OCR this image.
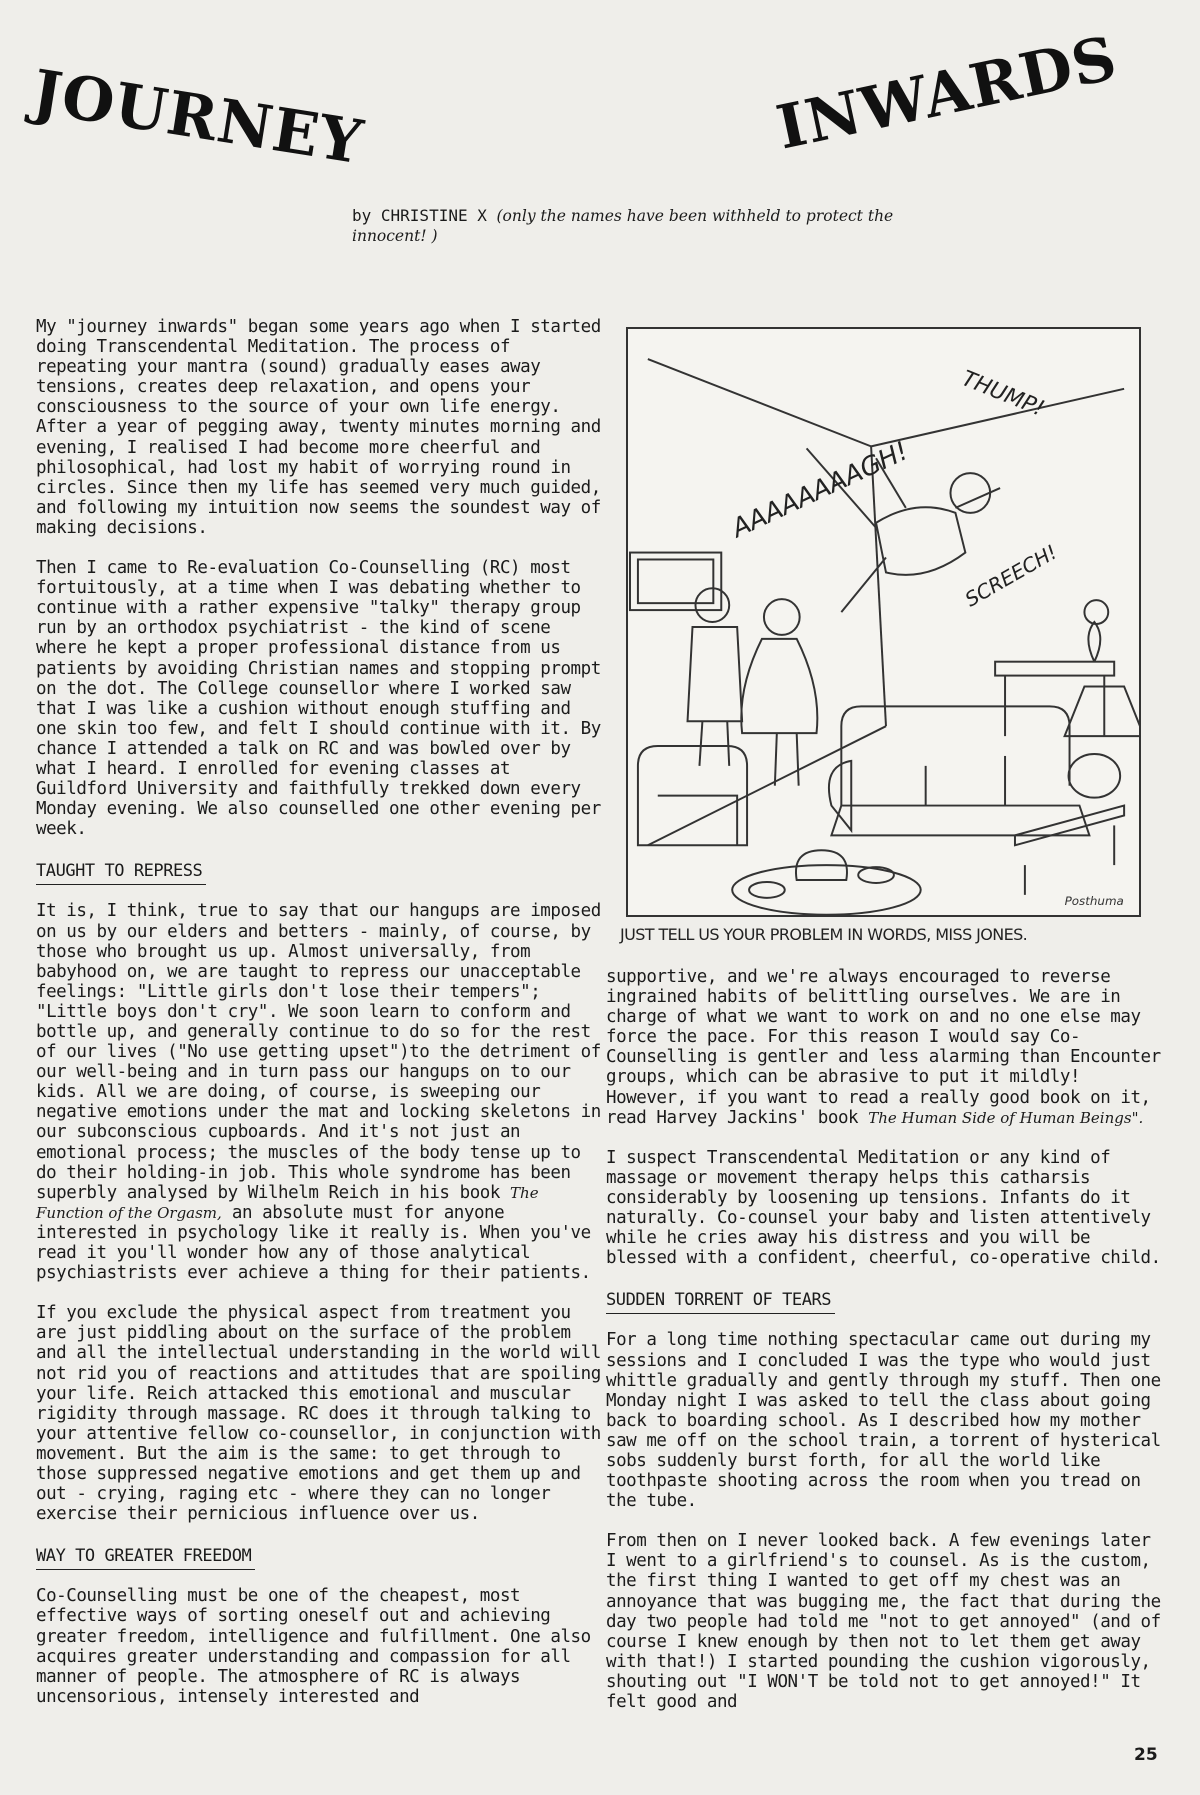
JOURNEY	INWARDS

by CHRISTINE X (only the names have been withheld to protect the innocent! )

My "journey inwards" began some years ago when I started doing Transcendental Meditation. The process of repeating your mantra (sound) gradually eases away tensions, creates deep relaxation, and opens your consciousness to the source of your own life energy. After a year of pegging away, twenty minutes morning and evening, I realised I had become more cheerful and philosophical, had lost my habit of worrying round in circles. Since then my life has seemed very much guided, and following my intuition now seems the soundest way of making decisions.

Then I came to Re-evaluation Co-Counselling (RC) most fortuitously, at a time when I was debating whether to continue with a rather expensive "talky" therapy group run by an orthodox psychiatrist - the kind of scene where he kept a proper professional distance from us patients by avoiding Christian names and stopping prompt on the dot. The College counsellor where I worked saw that I was like a cushion without enough stuffing and one skin too few, and felt I should continue with it. By chance I attended a talk on RC and was bowled over by what I heard. I enrolled for evening classes at Guildford University and faithfully trekked down every Monday evening. We also counselled one other evening per week.

TAUGHT TO REPRESS

It is, I think, true to say that our hangups are imposed on us by our elders and betters - mainly, of course, by those who brought us up. Almost universally, from babyhood on, we are taught to repress our unacceptable feelings: "Little girls don't lose their tempers"; "Little boys don't cry". We soon learn to conform and bottle up, and generally continue to do so for the rest of our lives ("No use getting upset")to the detriment of our well-being and in turn pass our hangups on to our kids. All we are doing, of course, is sweeping our negative emotions under the mat and locking skeletons in our subconscious cupboards. And it's not just an emotional process; the muscles of the body tense up to do their holding-in job. This whole syndrome has been superbly analysed by Wilhelm Reich in his book The Function of the Orgasm, an absolute must for anyone interested in psychology like it really is. When you've read it you'll wonder how any of those analytical psychiastrists ever achieve a thing for their patients.

If you exclude the physical aspect from treatment you are just piddling about on the surface of the problem and all the intellectual understanding in the world will not rid you of reactions and attitudes that are spoiling your life. Reich attacked this emotional and muscular rigidity through massage. RC does it through talking to your attentive fellow co-counsellor, in conjunction with movement. But the aim is the same: to get through to those suppressed negative emotions and get them up and out - crying, raging etc - where they can no longer exercise their pernicious influence over us.

WAY TO GREATER FREEDOM

Co-Counselling must be one of the cheapest, most effective ways of sorting oneself out and achieving greater freedom, intelligence and fulfillment. One also acquires greater understanding and compassion for all manner of people. The atmosphere of RC is always uncensorious, intensely interested and

AAAAAAAAGH!
THUMP!
SCREECH!
Posthuma

JUST TELL US YOUR PROBLEM IN WORDS, MISS JONES.

supportive, and we're always encouraged to reverse ingrained habits of belittling ourselves. We are in charge of what we want to work on and no one else may force the pace. For this reason I would say Co-Counselling is gentler and less alarming than Encounter groups, which can be abrasive to put it mildly! However, if you want to read a really good book on it, read Harvey Jackins' book The Human Side of Human Beings".

I suspect Transcendental Meditation or any kind of massage or movement therapy helps this catharsis considerably by loosening up tensions. Infants do it naturally. Co-counsel your baby and listen attentively while he cries away his distress and you will be blessed with a confident, cheerful, co-operative child.

SUDDEN TORRENT OF TEARS

For a long time nothing spectacular came out during my sessions and I concluded I was the type who would just whittle gradually and gently through my stuff. Then one Monday night I was asked to tell the class about going back to boarding school. As I described how my mother saw me off on the school train, a torrent of hysterical sobs suddenly burst forth, for all the world like toothpaste shooting across the room when you tread on the tube.

From then on I never looked back. A few evenings later I went to a girlfriend's to counsel. As is the custom, the first thing I wanted to get off my chest was an annoyance that was bugging me, the fact that during the day two people had told me "not to get annoyed" (and of course I knew enough by then not to let them get away with that!) I started pounding the cushion vigorously, shouting out "I WON'T be told not to get annoyed!" It felt good and

25
